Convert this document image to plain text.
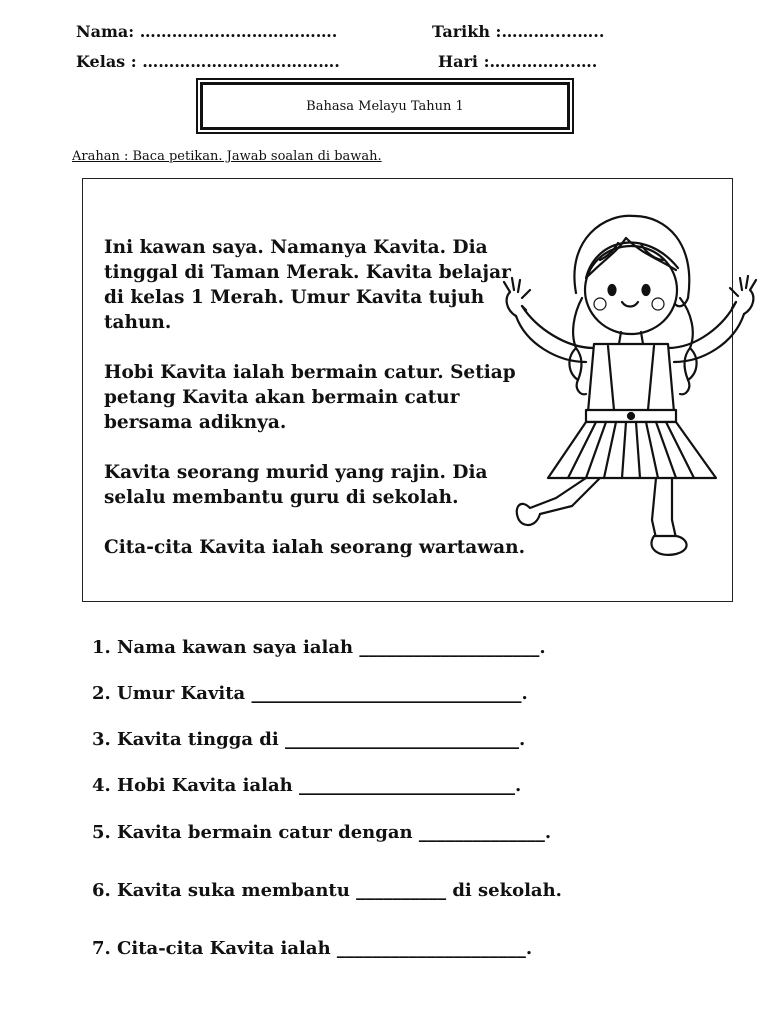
Nama: ……………………………….	Tarikh :……….....…..
Kelas : ……………………………….	Hari :…………....….
Bahasa Melayu Tahun 1
Arahan : Baca petikan. Jawab soalan di bawah.

Ini kawan saya. Namanya Kavita. Dia tinggal di Taman Merak. Kavita belajar di kelas 1 Merah. Umur Kavita tujuh tahun.

Hobi Kavita ialah bermain catur. Setiap petang Kavita akan bermain catur bersama adiknya.

Kavita seorang murid yang rajin. Dia selalu membantu guru di sekolah.

Cita-cita Kavita ialah seorang wartawan.

1. Nama kawan saya ialah ____________________.
2. Umur Kavita ______________________________.
3. Kavita tingga di __________________________.
4. Hobi Kavita ialah ________________________.
5. Kavita bermain catur dengan ______________.
6. Kavita suka membantu __________ di sekolah.
7. Cita-cita Kavita ialah _____________________.
